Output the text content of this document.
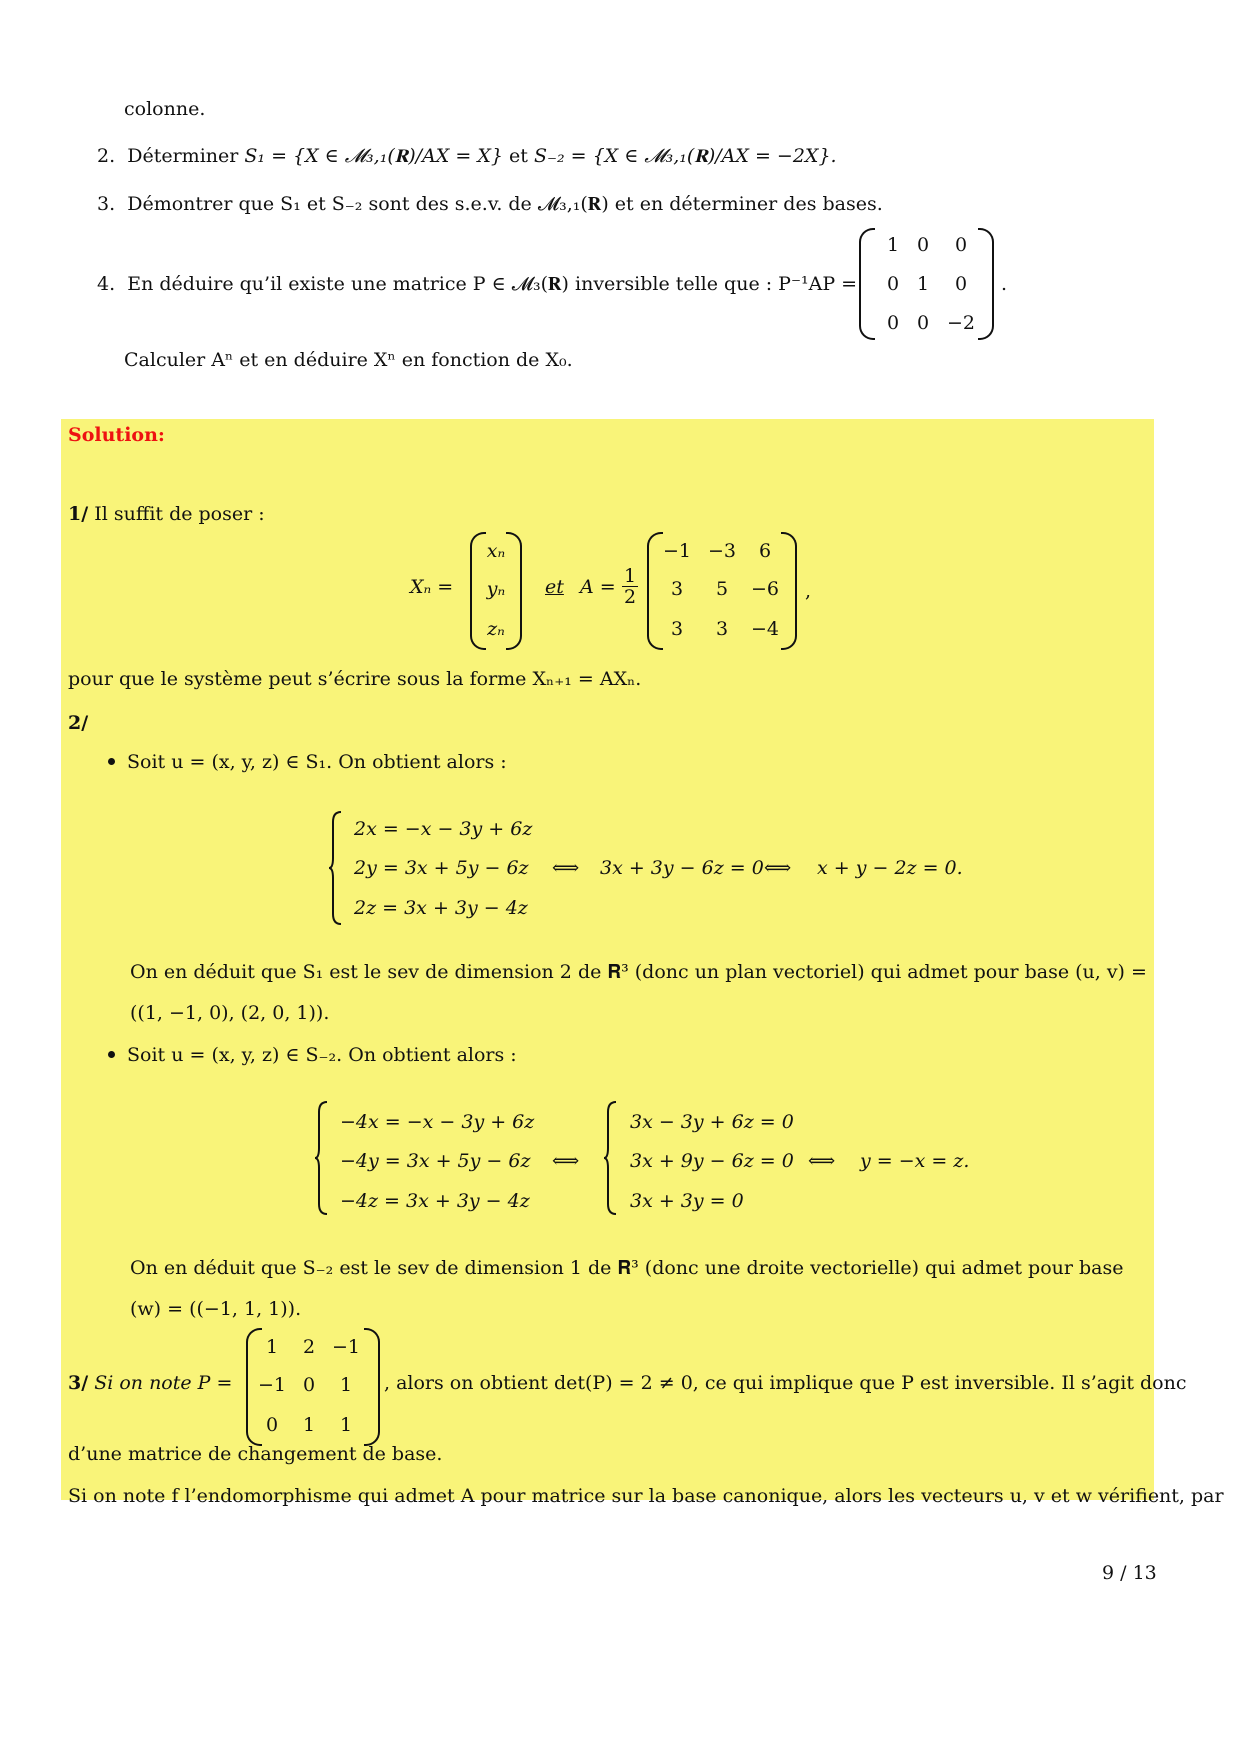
colonne.
2. Déterminer S₁ = {X ∈ 𝓜₃,₁(𝐑)/AX = X} et S₋₂ = {X ∈ 𝓜₃,₁(𝐑)/AX = −2X}.
3. Démontrer que S₁ et S₋₂ sont des s.e.v. de 𝓜₃,₁(𝐑) et en déterminer des bases.
4. En déduire qu’il existe une matrice P ∈ 𝓜₃(𝐑) inversible telle que : P⁻¹AP =
1 0	0
0 1	0
0 0 −2
.
Calculer Aⁿ et en déduire Xⁿ en fonction de X₀.
Solution:
1/ Il suffit de poser :
Xₙ =
xₙ
yₙ
zₙ
et $A = \frac{1}{2}$
−1 −3	6
3	5	−6
3	3	−4
,
pour que le système peut s’écrire sous la forme Xₙ₊₁ = AXₙ.
2/
Soit u = (x, y, z) ∈ S₁. On obtient alors :
2x = −x − 3y + 6z
2y = 3x + 5y − 6z
2z = 3x + 3y − 4z
⟺ 3x + 3y − 6z = 0 ⟺ x + y − 2z = 0.
On en déduit que S₁ est le sev de dimension 2 de 𝐑³ (donc un plan vectoriel) qui admet pour base (u, v) =
((1, −1, 0), (2, 0, 1)).
Soit u = (x, y, z) ∈ S₋₂. On obtient alors :
−4x = −x − 3y + 6z
−4y = 3x + 5y − 6z
−4z = 3x + 3y − 4z
⟺
3x − 3y + 6z = 0
3x + 9y − 6z = 0
3x + 3y = 0
⟺ y = −x = z.
On en déduit que S₋₂ est le sev de dimension 1 de 𝐑³ (donc une droite vectorielle) qui admet pour base
(w) = ((−1, 1, 1)).
3/ Si on note P =
1	2 −1
−1 0	1
0	1	1
, alors on obtient det(P) = 2 ≠ 0, ce qui implique que P est inversible. Il s’agit donc
d’une matrice de changement de base.
Si on note f l’endomorphisme qui admet A pour matrice sur la base canonique, alors les vecteurs u, v et w vérifient, par
9 / 13
